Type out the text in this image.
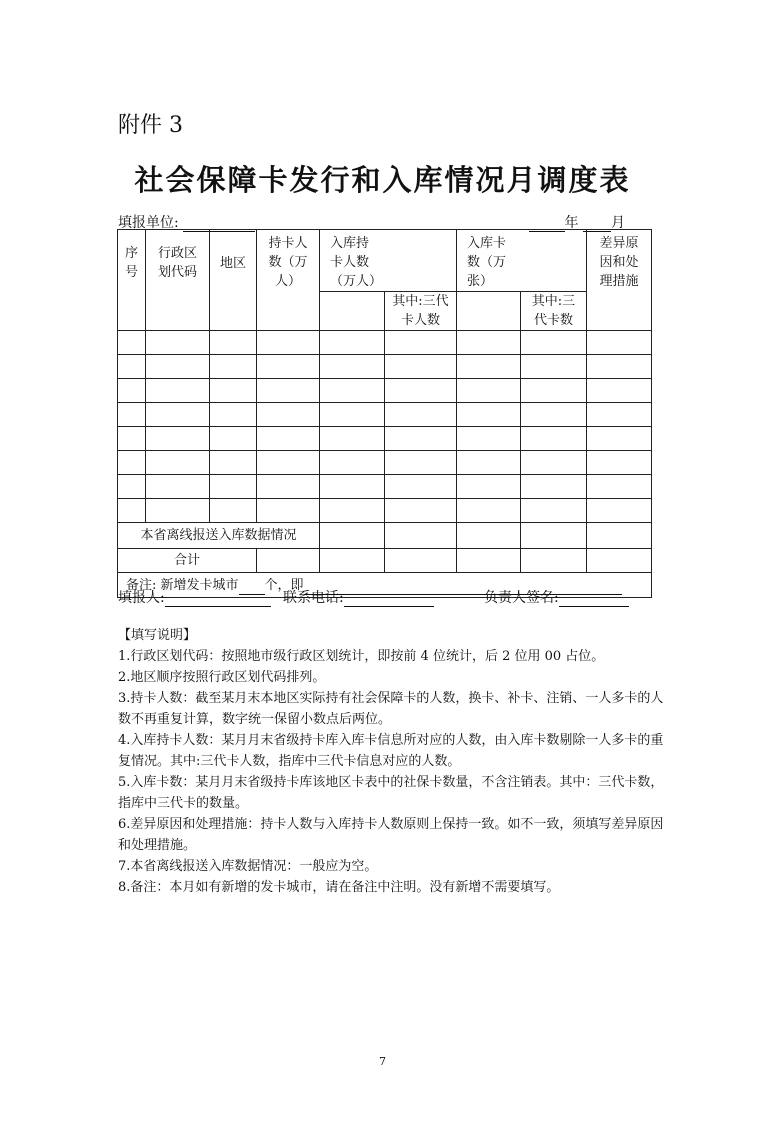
附件 3
社会保障卡发行和入库情况月调度表
填报单位:	年 月
序号	行政区划代码	地区	持卡人数（万人）	入库持卡人数（万人）		入库卡数（万张）		差异原因和处理措施

					其中:三代卡人数		其中:三代卡数	

本省离线报送入库数据情况								
合计								
备注: 新增发卡城市 个，即								
填报人:	联系电话:	负责人签名:

【填写说明】

1.行政区划代码：按照地市级行政区划统计，即按前 4 位统计，后 2 位用 00 占位。

2.地区顺序按照行政区划代码排列。

3.持卡人数：截至某月末本地区实际持有社会保障卡的人数，换卡、补卡、注销、一人多卡的人数不再重复计算，数字统一保留小数点后两位。

4.入库持卡人数：某月月末省级持卡库入库卡信息所对应的人数，由入库卡数剔除一人多卡的重复情况。其中:三代卡人数，指库中三代卡信息对应的人数。

5.入库卡数：某月月末省级持卡库该地区卡表中的社保卡数量，不含注销表。其中：三代卡数，指库中三代卡的数量。

6.差异原因和处理措施：持卡人数与入库持卡人数原则上保持一致。如不一致，须填写差异原因和处理措施。

7.本省离线报送入库数据情况：一般应为空。

8.备注：本月如有新增的发卡城市，请在备注中注明。没有新增不需要填写。

7
